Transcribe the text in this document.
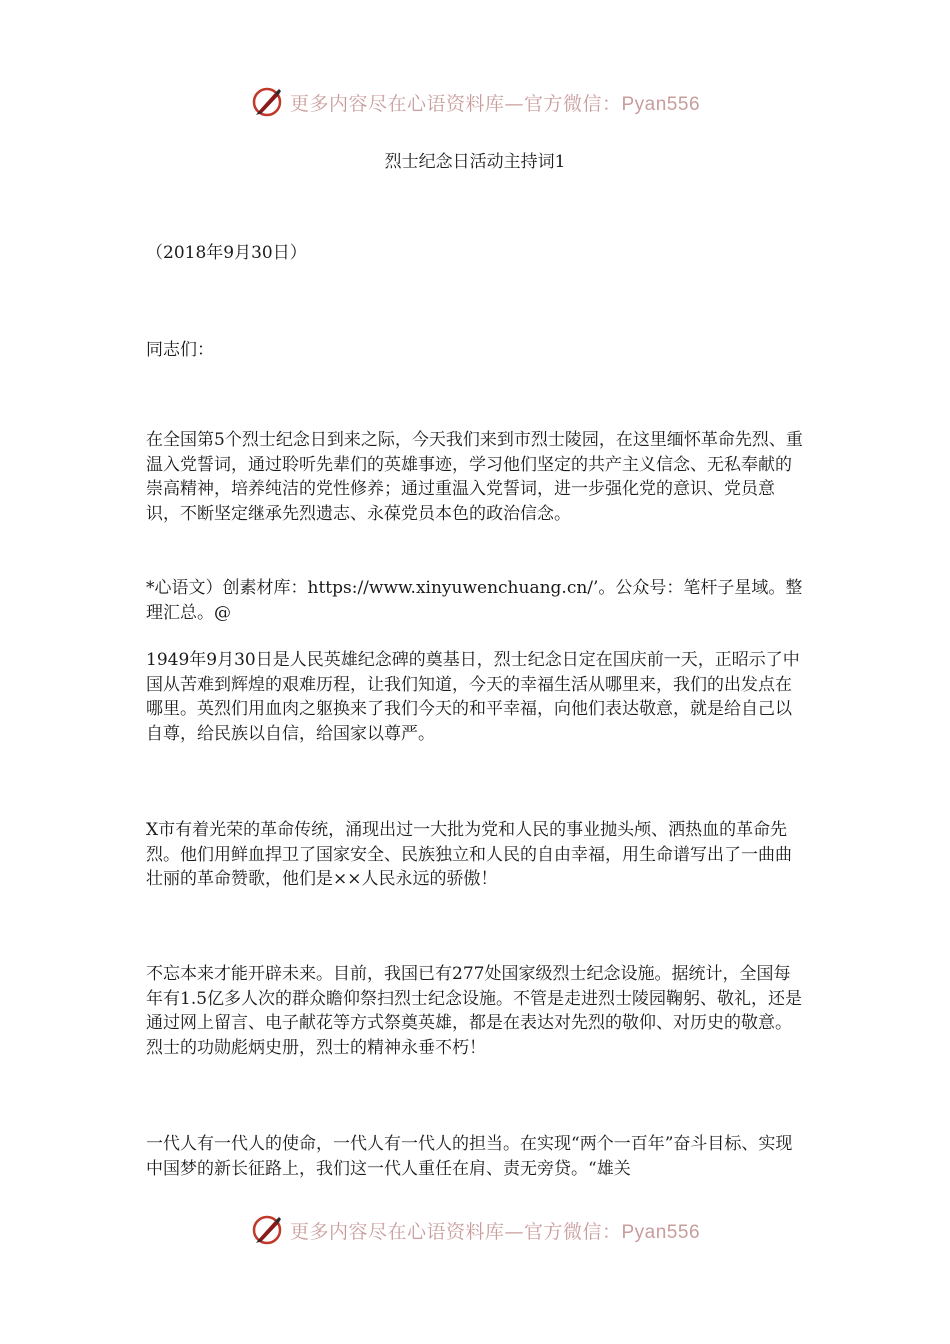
更多内容尽在心语资料库—官方微信：Pyan556
烈士纪念日活动主持词1

（2018年9月30日）

同志们：

在全国第5个烈士纪念日到来之际，今天我们来到市烈士陵园，在这里缅怀革命先烈、重温入党誓词，通过聆听先辈们的英雄事迹，学习他们坚定的共产主义信念、无私奉献的崇高精神，培养纯洁的党性修养；通过重温入党誓词，进一步强化党的意识、党员意识，不断坚定继承先烈遗志、永葆党员本色的政治信念。

*心语文）创素材库：https://www.xinyuwenchuang.cn/’。公众号：笔杆子星域。整理汇总。@

1949年9月30日是人民英雄纪念碑的奠基日，烈士纪念日定在国庆前一天，正昭示了中国从苦难到辉煌的艰难历程，让我们知道，今天的幸福生活从哪里来，我们的出发点在哪里。英烈们用血肉之躯换来了我们今天的和平幸福，向他们表达敬意，就是给自己以自尊，给民族以自信，给国家以尊严。

X市有着光荣的革命传统，涌现出过一大批为党和人民的事业抛头颅、洒热血的革命先烈。他们用鲜血捍卫了国家安全、民族独立和人民的自由幸福，用生命谱写出了一曲曲壮丽的革命赞歌，他们是××人民永远的骄傲！

不忘本来才能开辟未来。目前，我国已有277处国家级烈士纪念设施。据统计，全国每年有1.5亿多人次的群众瞻仰祭扫烈士纪念设施。不管是走进烈士陵园鞠躬、敬礼，还是通过网上留言、电子献花等方式祭奠英雄，都是在表达对先烈的敬仰、对历史的敬意。烈士的功勋彪炳史册，烈士的精神永垂不朽！

一代人有一代人的使命，一代人有一代人的担当。在实现“两个一百年”奋斗目标、实现中国梦的新长征路上，我们这一代人重任在肩、责无旁贷。“雄关

更多内容尽在心语资料库—官方微信：Pyan556
